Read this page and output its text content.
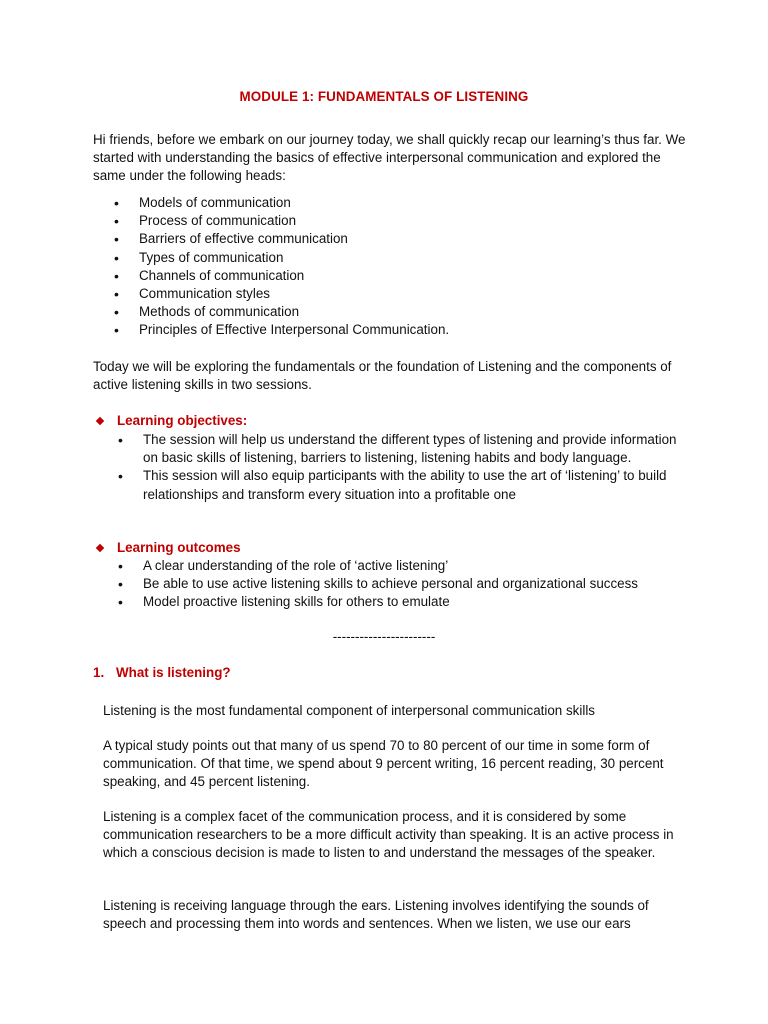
MODULE 1: FUNDAMENTALS OF LISTENING

Hi friends, before we embark on our journey today, we shall quickly recap our learning’s thus far. We started with understanding the basics of effective interpersonal communication and explored the same under the following heads:

• Models of communication
• Process of communication
• Barriers of effective communication
• Types of communication
• Channels of communication
• Communication styles
• Methods of communication
• Principles of Effective Interpersonal Communication.

Today we will be exploring the fundamentals or the foundation of Listening and the components of active listening skills in two sessions.

Learning objectives:
• The session will help us understand the different types of listening and provide information on basic skills of listening, barriers to listening, listening habits and body language.
• This session will also equip participants with the ability to use the art of ‘listening’ to build relationships and transform every situation into a profitable one
Learning outcomes
• A clear understanding of the role of ‘active listening’
• Be able to use active listening skills to achieve personal and organizational success
• Model proactive listening skills for others to emulate
-----------------------
1. What is listening?

Listening is the most fundamental component of interpersonal communication skills

A typical study points out that many of us spend 70 to 80 percent of our time in some form of communication. Of that time, we spend about 9 percent writing, 16 percent reading, 30 percent speaking, and 45 percent listening.

Listening is a complex facet of the communication process, and it is considered by some communication researchers to be a more difficult activity than speaking. It is an active process in which a conscious decision is made to listen to and understand the messages of the speaker.

Listening is receiving language through the ears. Listening involves identifying the sounds of speech and processing them into words and sentences. When we listen, we use our ears
